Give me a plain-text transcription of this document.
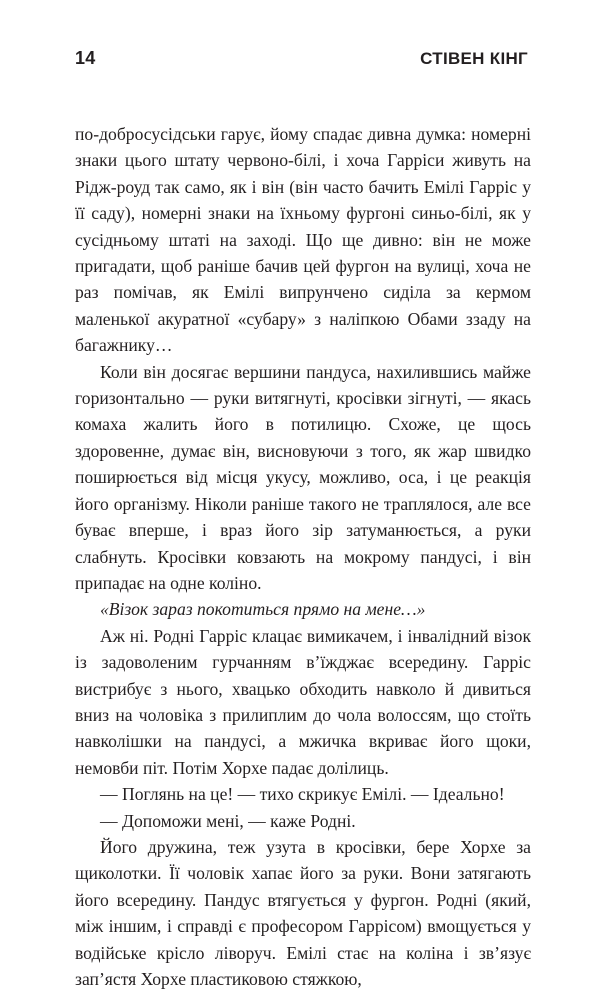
14	СТІВЕН КІНГ

по-добросусідськи гарує, йому спадає дивна думка: номерні знаки цього штату червоно-білі, і хоча Гарріси живуть на Рідж-роуд так само, як і він (він часто бачить Емілі Гарріс у її саду), номерні знаки на їхньому фургоні синьо-білі, як у сусідньому штаті на заході. Що ще дивно: він не може пригадати, щоб раніше бачив цей фургон на вулиці, хоча не раз помічав, як Емілі випрунчено сиділа за кермом маленької акуратної «субару» з наліпкою Обами ззаду на багажнику…

Коли він досягає вершини пандуса, нахилившись майже горизонтально — руки витягнуті, кросівки зігнуті, — якась комаха жалить його в потилицю. Схоже, це щось здоровенне, думає він, висновуючи з того, як жар швидко поширюється від місця укусу, можливо, оса, і це реакція його організму. Ніколи раніше такого не траплялося, але все буває вперше, і враз його зір затуманюється, а руки слабнуть. Кросівки ковзають на мокрому пандусі, і він припадає на одне коліно.

«Візок зараз покотиться прямо на мене…»

Аж ні. Родні Гарріс клацає вимикачем, і інвалідний візок із задоволеним гурчанням в’їжджає всередину. Гарріс вистрибує з нього, хвацько обходить навколо й дивиться вниз на чоловіка з прилиплим до чола волоссям, що стоїть навколішки на пандусі, а мжичка вкриває його щоки, немовби піт. Потім Хорхе падає долілиць.

— Поглянь на це! — тихо скрикує Емілі. — Ідеально!

— Допоможи мені, — каже Родні.

Його дружина, теж узута в кросівки, бере Хорхе за щиколотки. Її чоловік хапає його за руки. Вони затягають його всередину. Пандус втягується у фургон. Родні (який, між іншим, і справді є професором Гаррісом) вмощується у водійське крісло ліворуч. Емілі стає на коліна і зв’язує зап’ястя Хорхе пластиковою стяжкою,
